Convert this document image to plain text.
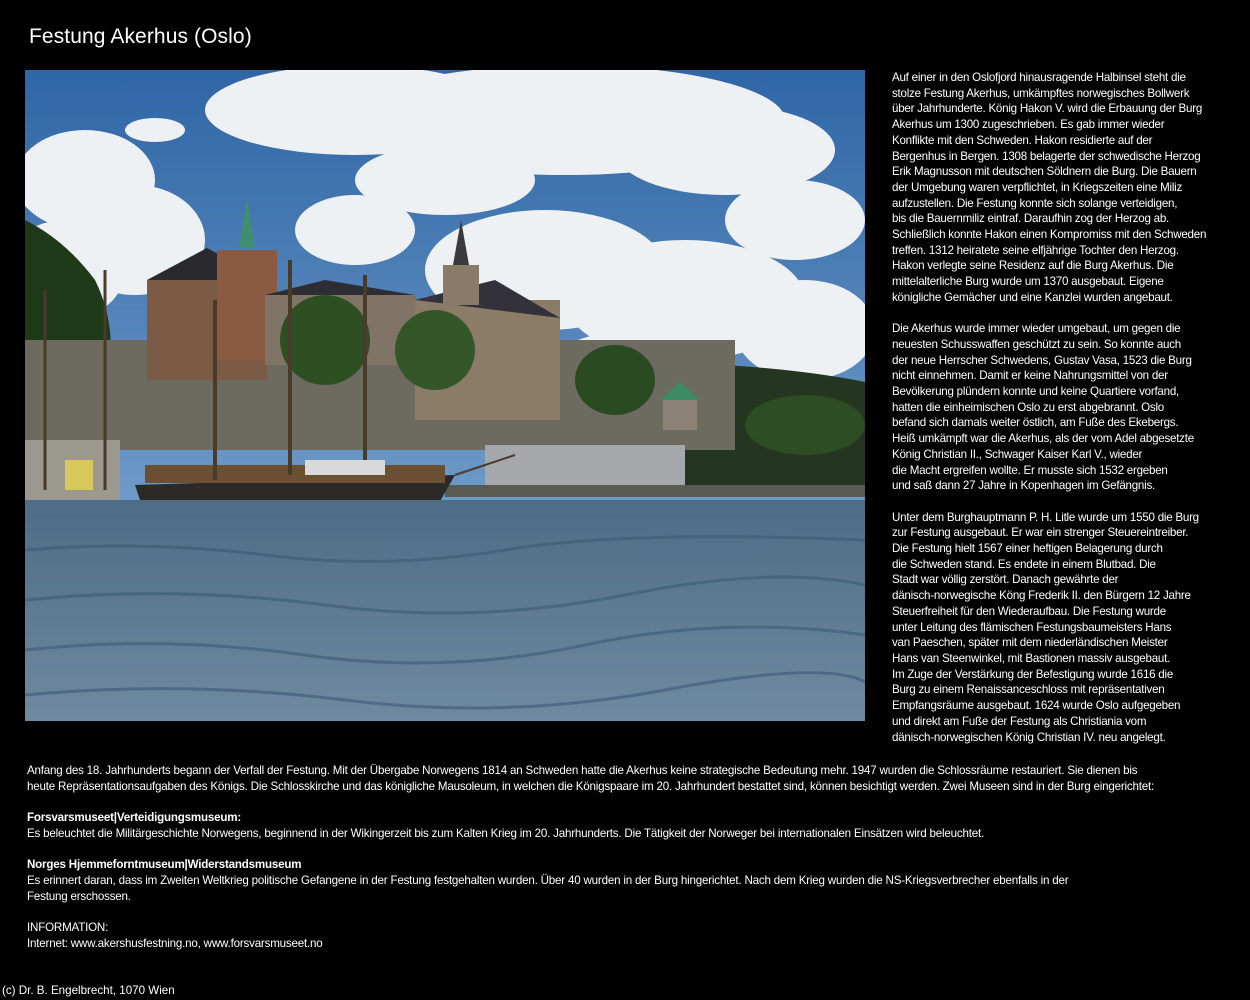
Festung Akerhus (Oslo)
Auf einer in den Oslofjord hinausragende Halbinsel steht die
stolze Festung Akerhus, umkämpftes norwegisches Bollwerk
über Jahrhunderte. König Hakon V. wird die Erbauung der Burg
Akerhus um 1300 zugeschrieben. Es gab immer wieder
Konflikte mit den Schweden. Hakon residierte auf der
Bergenhus in Bergen. 1308 belagerte der schwedische Herzog
Erik Magnusson mit deutschen Söldnern die Burg. Die Bauern
der Umgebung waren verpflichtet, in Kriegszeiten eine Miliz
aufzustellen. Die Festung konnte sich solange verteidigen,
bis die Bauernmiliz eintraf. Daraufhin zog der Herzog ab.
Schließlich konnte Hakon einen Kompromiss mit den Schweden
treffen. 1312 heiratete seine elfjährige Tochter den Herzog.
Hakon verlegte seine Residenz auf die Burg Akerhus. Die
mittelalterliche Burg wurde um 1370 ausgebaut. Eigene
königliche Gemächer und eine Kanzlei wurden angebaut.
Die Akerhus wurde immer wieder umgebaut, um gegen die
neuesten Schusswaffen geschützt zu sein. So konnte auch
der neue Herrscher Schwedens, Gustav Vasa, 1523 die Burg
nicht einnehmen. Damit er keine Nahrungsmittel von der
Bevölkerung plündern konnte und keine Quartiere vorfand,
hatten die einheimischen Oslo zu erst abgebrannt. Oslo
befand sich damals weiter östlich, am Fuße des Ekebergs.
Heiß umkämpft war die Akerhus, als der vom Adel abgesetzte
König Christian II., Schwager Kaiser Karl V., wieder
die Macht ergreifen wollte. Er musste sich 1532 ergeben
und saß dann 27 Jahre in Kopenhagen im Gefängnis.
Unter dem Burghauptmann P. H. Litle wurde um 1550 die Burg
zur Festung ausgebaut. Er war ein strenger Steuereintreiber.
Die Festung hielt 1567 einer heftigen Belagerung durch
die Schweden stand. Es endete in einem Blutbad. Die
Stadt war völlig zerstört. Danach gewährte der
dänisch-norwegische Köng Frederik II. den Bürgern 12 Jahre
Steuerfreiheit für den Wiederaufbau. Die Festung wurde
unter Leitung des flämischen Festungsbaumeisters Hans
van Paeschen, später mit dem niederländischen Meister
Hans van Steenwinkel, mit Bastionen massiv ausgebaut.
Im Zuge der Verstärkung der Befestigung wurde 1616 die
Burg zu einem Renaissanceschloss mit repräsentativen
Empfangsräume ausgebaut. 1624 wurde Oslo aufgegeben
und direkt am Fuße der Festung als Christiania vom
dänisch-norwegischen König Christian IV. neu angelegt.
Anfang des 18. Jahrhunderts begann der Verfall der Festung. Mit der Übergabe Norwegens 1814 an Schweden hatte die Akerhus keine strategische Bedeutung mehr. 1947 wurden die Schlossräume restauriert. Sie dienen bis
heute Repräsentationsaufgaben des Königs. Die Schlosskirche und das königliche Mausoleum, in welchen die Königspaare im 20. Jahrhundert bestattet sind, können besichtigt werden. Zwei Museen sind in der Burg eingerichtet:
Forsvarsmuseet|Verteidigungsmuseum:
Es beleuchtet die Militärgeschichte Norwegens, beginnend in der Wikingerzeit bis zum Kalten Krieg im 20. Jahrhunderts. Die Tätigkeit der Norweger bei internationalen Einsätzen wird beleuchtet.
Norges Hjemmeforntmuseum|Widerstandsmuseum
Es erinnert daran, dass im Zweiten Weltkrieg politische Gefangene in der Festung festgehalten wurden. Über 40 wurden in der Burg hingerichtet. Nach dem Krieg wurden die NS-Kriegsverbrecher ebenfalls in der
Festung erschossen.
INFORMATION:
Internet: www.akershusfestning.no, www.forsvarsmuseet.no
(c) Dr. B. Engelbrecht, 1070 Wien
